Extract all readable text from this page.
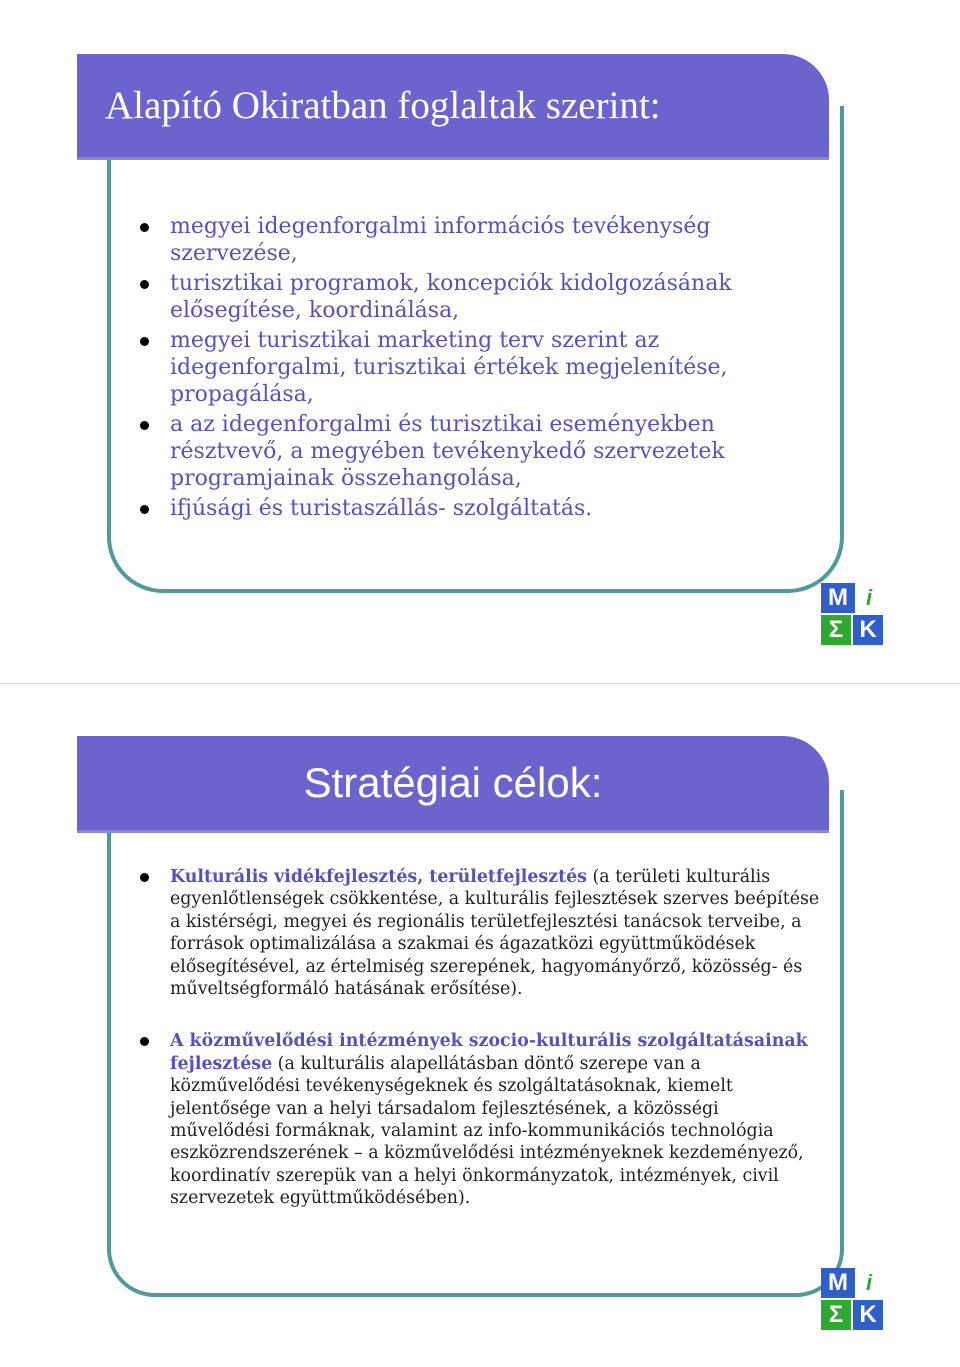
Alapító Okiratban foglaltak szerint:
megyei idegenforgalmi információs tevékenység szervezése,
turisztikai programok, koncepciók kidolgozásának elősegítése, koordinálása,
megyei turisztikai marketing terv szerint az idegenforgalmi, turisztikai értékek megjelenítése, propagálása,
a az idegenforgalmi és turisztikai eseményekben résztvevő, a megyében tevékenykedő szervezetek programjainak összehangolása,
ifjúsági és turistaszállás- szolgáltatás.
M i
Σ K
Stratégiai célok:
Kulturális vidékfejlesztés, területfejlesztés (a területi kulturális egyenlőtlenségek csökkentése, a kulturális fejlesztések szerves beépítése a kistérségi, megyei és regionális területfejlesztési tanácsok terveibe, a források optimalizálása a szakmai és ágazatközi együttműködések elősegítésével, az értelmiség szerepének, hagyományőrző, közösség- és műveltségformáló hatásának erősítése).
A közművelődési intézmények szocio-kulturális szolgáltatásainak fejlesztése (a kulturális alapellátásban döntő szerepe van a közművelődési tevékenységeknek és szolgáltatásoknak, kiemelt jelentősége van a helyi társadalom fejlesztésének, a közösségi művelődési formáknak, valamint az info-kommunikációs technológia eszközrendszerének – a közművelődési intézményeknek kezdeményező, koordinatív szerepük van a helyi önkormányzatok, intézmények, civil szervezetek együttműködésében).
M i
Σ K
